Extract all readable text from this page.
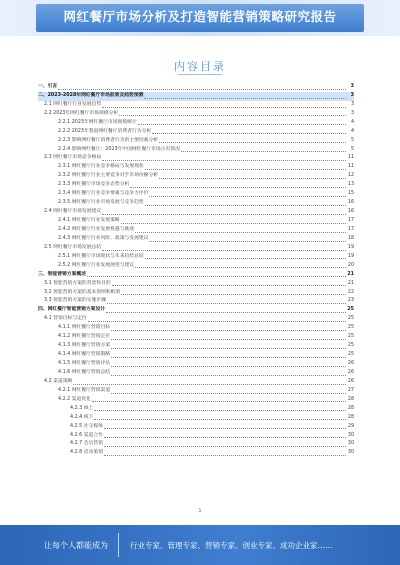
网红餐厅市场分析及打造智能营销策略研究报告
内容目录
一、引言	3
二、2023-2028年网红餐厅市场前景及趋势预测	3
2.1 网红餐厅行业发展趋势	3
2.2 2023年网红餐厅市场规模分析	3
2.2.1 2023年网红餐厅市场规模统计	4
2.2.2 2023年我国网红餐厅消费者行为分析	4
2.2.3 影响网红餐厅消费者行为的主要因素分析	5
2.2.4 影响网红餐厅：2023年中国网红餐厅市场占有情况	5
2.3 网红餐厅市场竞争格局	11
2.3.1 网红餐厅行业竞争格局与发展现状	11
2.3.2 网红餐厅行业主要竞争对手市场份额分析	12
2.3.3 网红餐厅市场竞争态势分析	13
2.3.4 网红餐厅行业竞争要素与竞争力评价	15
2.3.5 网红餐厅行业市场发展与竞争趋势	16
2.4 网红餐厅市场发展建议	16
2.4.1 网红餐厅行业发展策略	17
2.4.2 网红餐厅行业发展机遇与挑战	17
2.4.3 网红餐厅行业风险、政策与发展建议	18
2.5 网红餐厅市场发展总结	19
2.5.1 网红餐厅市场现状与未来趋势总结	19
2.5.2 网红餐厅行业发展展望与建议	20
三、智能营销方案概述	21
3.1 智能营销方案的背景和目的	21
3.2 智能营销方案的基本原则和框架	22
3.3 智能营销方案的实施步骤	23
四、网红餐厅智能营销方案设计	25
4.1 营销目标与定位	25
4.1.1 网红餐厅营销目标	25
4.1.2 网红餐厅营销定位	25
4.1.3 网红餐厅营销方案	25
4.1.4 网红餐厅营销策略	25
4.1.5 网红餐厅营销评估	26
4.1.6 网红餐厅营销总结	26
4.2 渠道策略	26
4.2.1 网红餐厅营销渠道	27
4.2.2 渠道优化	28
4.2.3 线上	28
4.2.4 线下	28
4.2.5 社交媒体	29
4.2.6 渠道合作	30
4.2.7 会员营销	30
4.2.8 活动策划	30
1
让每个人都能成为	行业专家、管理专家、营销专家、创业专家、成功企业家……
